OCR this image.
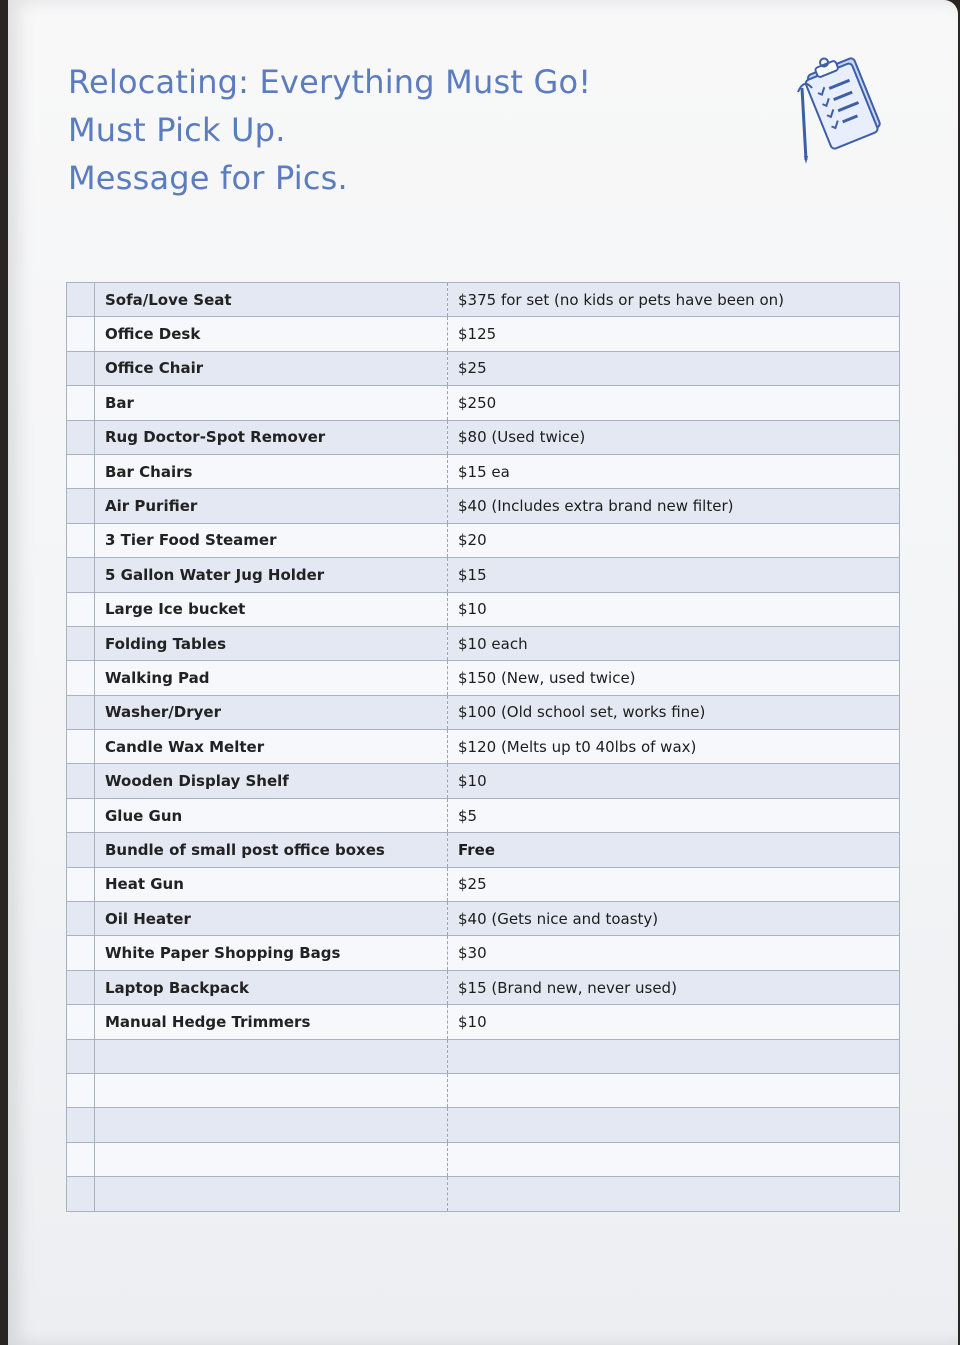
Relocating: Everything Must Go!
Must Pick Up.
Message for Pics.
	Sofa/Love Seat	$375 for set (no kids or pets have been on)
	Office Desk	$125
	Office Chair	$25
	Bar	$250
	Rug Doctor-Spot Remover	$80 (Used twice)
	Bar Chairs	$15 ea
	Air Purifier	$40 (Includes extra brand new filter)
	3 Tier Food Steamer	$20
	5 Gallon Water Jug Holder	$15
	Large Ice bucket	$10
	Folding Tables	$10 each
	Walking Pad	$150 (New, used twice)
	Washer/Dryer	$100 (Old school set, works fine)
	Candle Wax Melter	$120 (Melts up t0 40lbs of wax)
	Wooden Display Shelf	$10
	Glue Gun	$5
	Bundle of small post office boxes	Free
	Heat Gun	$25
	Oil Heater	$40 (Gets nice and toasty)
	White Paper Shopping Bags	$30
	Laptop Backpack	$15 (Brand new, never used)
	Manual Hedge Trimmers	$10
